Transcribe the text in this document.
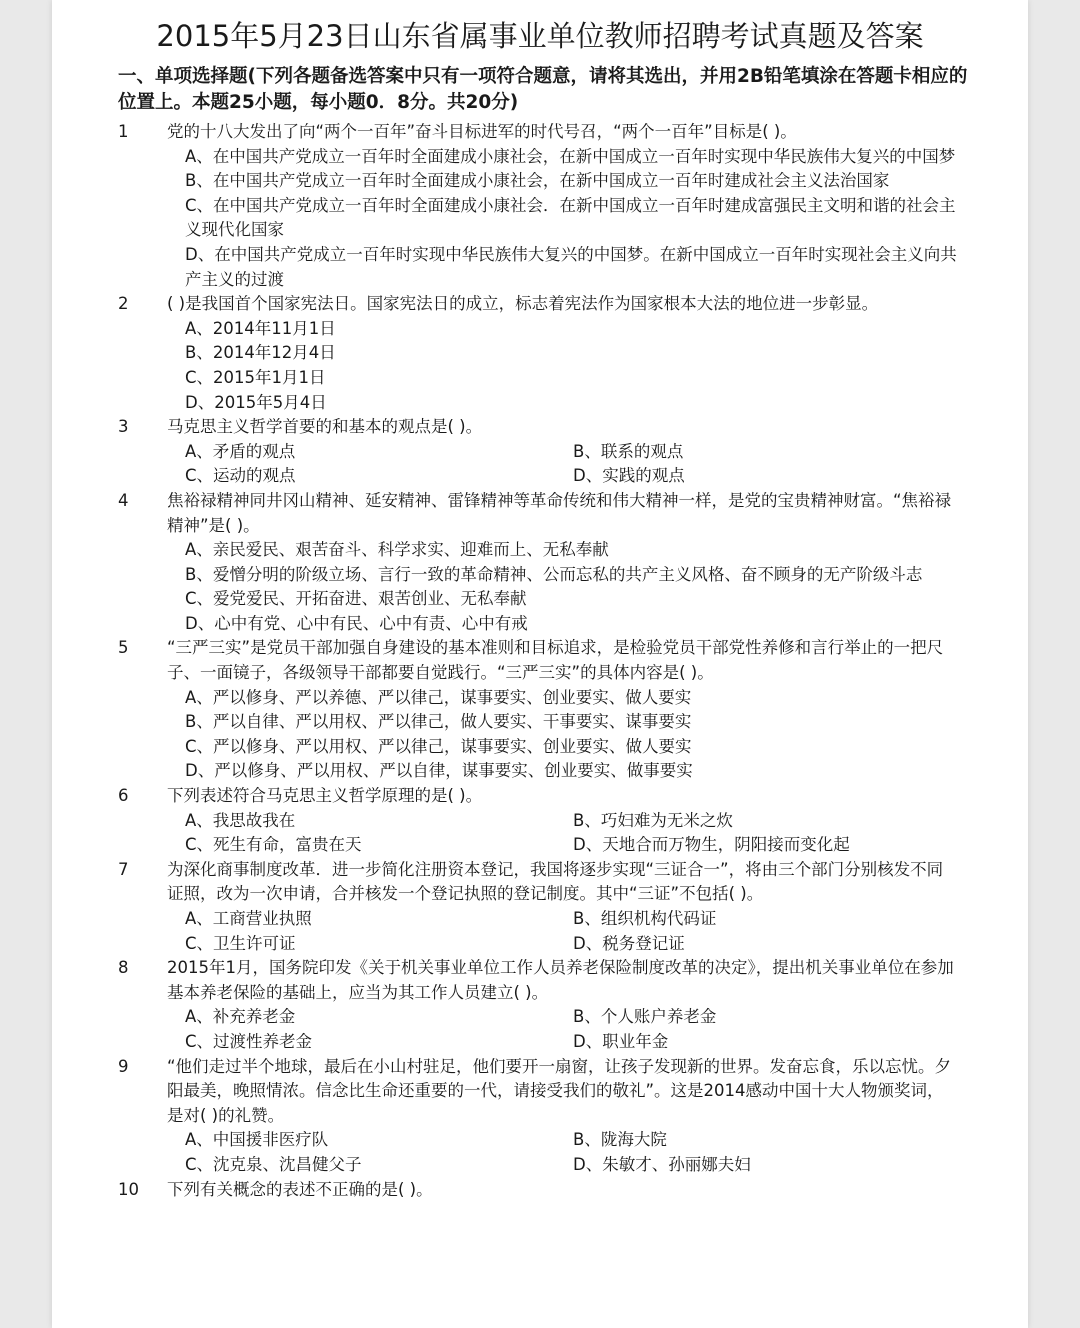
2015年5月23日山东省属事业单位教师招聘考试真题及答案
一、单项选择题(下列各题备选答案中只有一项符合题意，请将其选出，并用2B铅笔填涂在答题卡相应的位置上。本题25小题，每小题0．8分。共20分)
1	党的十八大发出了向“两个一百年”奋斗目标进军的时代号召，“两个一百年”目标是( )。
A、在中国共产党成立一百年时全面建成小康社会，在新中国成立一百年时实现中华民族伟大复兴的中国梦
B、在中国共产党成立一百年时全面建成小康社会，在新中国成立一百年时建成社会主义法治国家
C、在中国共产党成立一百年时全面建成小康社会．在新中国成立一百年时建成富强民主文明和谐的社会主义现代化国家
D、在中国共产党成立一百年时实现中华民族伟大复兴的中国梦。在新中国成立一百年时实现社会主义向共产主义的过渡
2	( )是我国首个国家宪法日。国家宪法日的成立，标志着宪法作为国家根本大法的地位进一步彰显。
A、2014年11月1日
B、2014年12月4日
C、2015年1月1日
D、2015年5月4日
3	马克思主义哲学首要的和基本的观点是( )。
A、矛盾的观点	B、联系的观点
C、运动的观点	D、实践的观点
4	焦裕禄精神同井冈山精神、延安精神、雷锋精神等革命传统和伟大精神一样，是党的宝贵精神财富。“焦裕禄精神”是( )。
A、亲民爱民、艰苦奋斗、科学求实、迎难而上、无私奉献
B、爱憎分明的阶级立场、言行一致的革命精神、公而忘私的共产主义风格、奋不顾身的无产阶级斗志
C、爱党爱民、开拓奋进、艰苦创业、无私奉献
D、心中有党、心中有民、心中有责、心中有戒
5	“三严三实”是党员干部加强自身建设的基本准则和目标追求，是检验党员干部党性养修和言行举止的一把尺子、一面镜子，各级领导干部都要自觉践行。“三严三实”的具体内容是( )。
A、严以修身、严以养德、严以律己，谋事要实、创业要实、做人要实
B、严以自律、严以用权、严以律己，做人要实、干事要实、谋事要实
C、严以修身、严以用权、严以律己，谋事要实、创业要实、做人要实
D、严以修身、严以用权、严以自律，谋事要实、创业要实、做事要实
6	下列表述符合马克思主义哲学原理的是( )。
A、我思故我在	B、巧妇难为无米之炊
C、死生有命，富贵在天	D、天地合而万物生，阴阳接而变化起
7	为深化商事制度改革．进一步简化注册资本登记，我国将逐步实现“三证合一”，将由三个部门分别核发不同证照，改为一次申请，合并核发一个登记执照的登记制度。其中“三证”不包括( )。
A、工商营业执照	B、组织机构代码证
C、卫生许可证	D、税务登记证
8	2015年1月，国务院印发《关于机关事业单位工作人员养老保险制度改革的决定》，提出机关事业单位在参加基本养老保险的基础上，应当为其工作人员建立( )。
A、补充养老金	B、个人账户养老金
C、过渡性养老金	D、职业年金
9	“他们走过半个地球，最后在小山村驻足，他们要开一扇窗，让孩子发现新的世界。发奋忘食，乐以忘忧。夕阳最美，晚照情浓。信念比生命还重要的一代，请接受我们的敬礼”。这是2014感动中国十大人物颁奖词，是对( )的礼赞。
A、中国援非医疗队	B、陇海大院
C、沈克泉、沈昌健父子	D、朱敏才、孙丽娜夫妇
10	下列有关概念的表述不正确的是( )。
